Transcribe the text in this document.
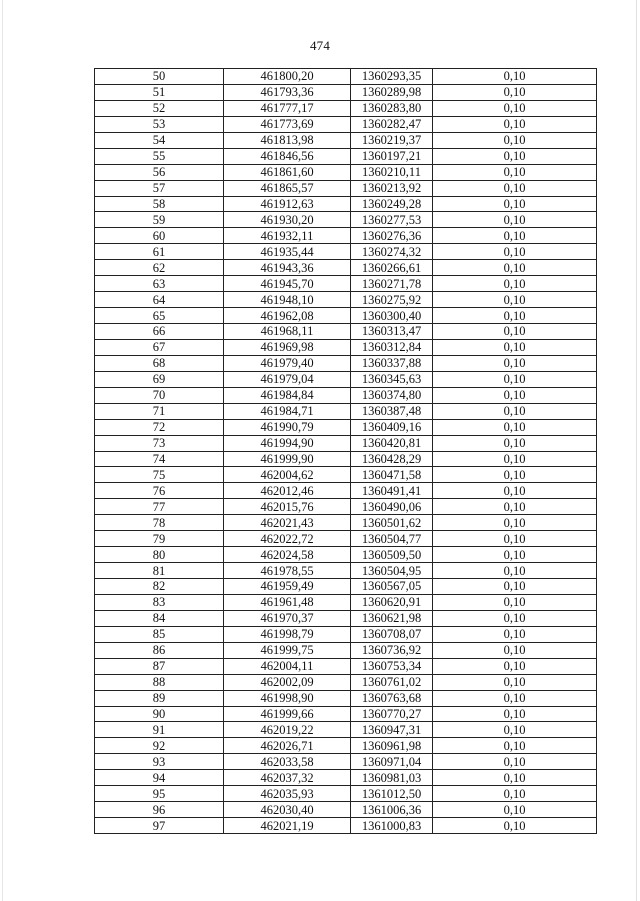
474
50	461800,20	1360293,35	0,10
51	461793,36	1360289,98	0,10
52	461777,17	1360283,80	0,10
53	461773,69	1360282,47	0,10
54	461813,98	1360219,37	0,10
55	461846,56	1360197,21	0,10
56	461861,60	1360210,11	0,10
57	461865,57	1360213,92	0,10
58	461912,63	1360249,28	0,10
59	461930,20	1360277,53	0,10
60	461932,11	1360276,36	0,10
61	461935,44	1360274,32	0,10
62	461943,36	1360266,61	0,10
63	461945,70	1360271,78	0,10
64	461948,10	1360275,92	0,10
65	461962,08	1360300,40	0,10
66	461968,11	1360313,47	0,10
67	461969,98	1360312,84	0,10
68	461979,40	1360337,88	0,10
69	461979,04	1360345,63	0,10
70	461984,84	1360374,80	0,10
71	461984,71	1360387,48	0,10
72	461990,79	1360409,16	0,10
73	461994,90	1360420,81	0,10
74	461999,90	1360428,29	0,10
75	462004,62	1360471,58	0,10
76	462012,46	1360491,41	0,10
77	462015,76	1360490,06	0,10
78	462021,43	1360501,62	0,10
79	462022,72	1360504,77	0,10
80	462024,58	1360509,50	0,10
81	461978,55	1360504,95	0,10
82	461959,49	1360567,05	0,10
83	461961,48	1360620,91	0,10
84	461970,37	1360621,98	0,10
85	461998,79	1360708,07	0,10
86	461999,75	1360736,92	0,10
87	462004,11	1360753,34	0,10
88	462002,09	1360761,02	0,10
89	461998,90	1360763,68	0,10
90	461999,66	1360770,27	0,10
91	462019,22	1360947,31	0,10
92	462026,71	1360961,98	0,10
93	462033,58	1360971,04	0,10
94	462037,32	1360981,03	0,10
95	462035,93	1361012,50	0,10
96	462030,40	1361006,36	0,10
97	462021,19	1361000,83	0,10
